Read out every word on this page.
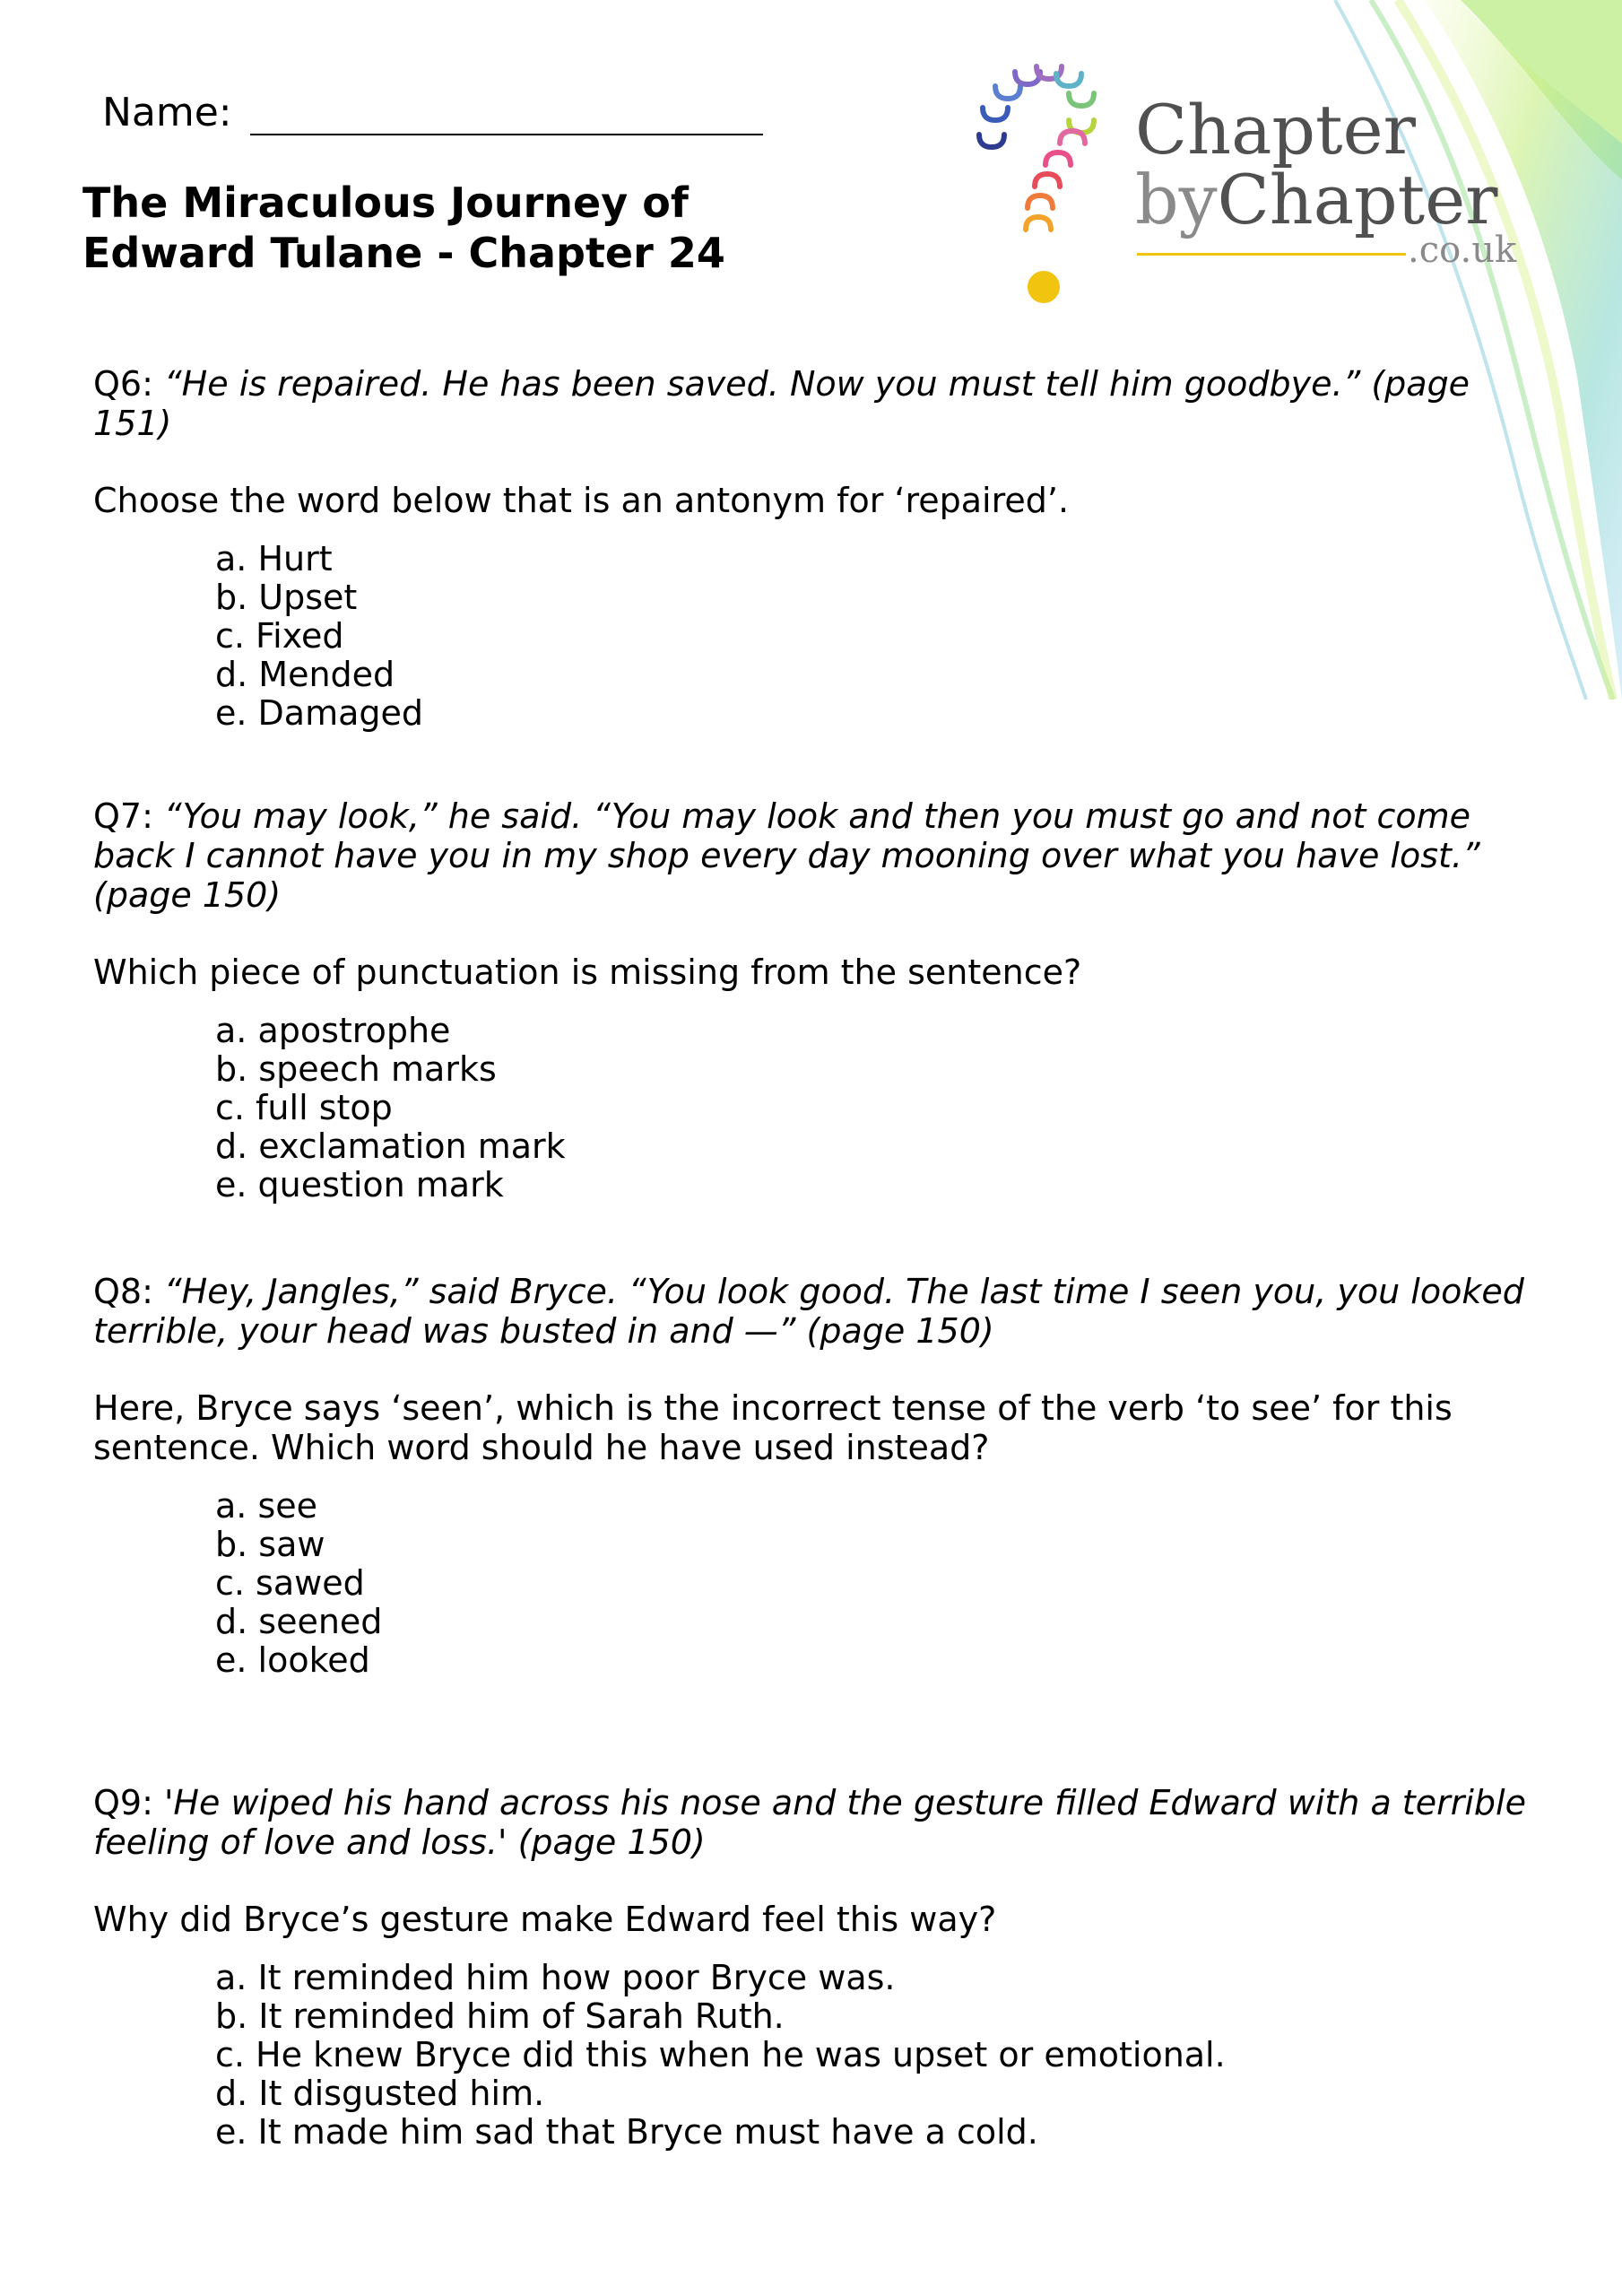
Name:
The Miraculous Journey of
Edward Tulane - Chapter 24
Chapter
byChapter
.co.uk
Q6: “He is repaired. He has been saved. Now you must tell him goodbye.” (page 151)
Choose the word below that is an antonym for ‘repaired’.
a. Hurt
b. Upset
c. Fixed
d. Mended
e. Damaged
Q7: “You may look,” he said. “You may look and then you must go and not come back I cannot have you in my shop every day mooning over what you have lost.” (page 150)
Which piece of punctuation is missing from the sentence?
a. apostrophe
b. speech marks
c. full stop
d. exclamation mark
e. question mark
Q8: “Hey, Jangles,” said Bryce. “You look good. The last time I seen you, you looked terrible, your head was busted in and —” (page 150)
Here, Bryce says ‘seen’, which is the incorrect tense of the verb ‘to see’ for this sentence. Which word should he have used instead?
a. see
b. saw
c. sawed
d. seened
e. looked
Q9: 'He wiped his hand across his nose and the gesture filled Edward with a terrible feeling of love and loss.' (page 150)
Why did Bryce’s gesture make Edward feel this way?
a. It reminded him how poor Bryce was.
b. It reminded him of Sarah Ruth.
c. He knew Bryce did this when he was upset or emotional.
d. It disgusted him.
e. It made him sad that Bryce must have a cold.
